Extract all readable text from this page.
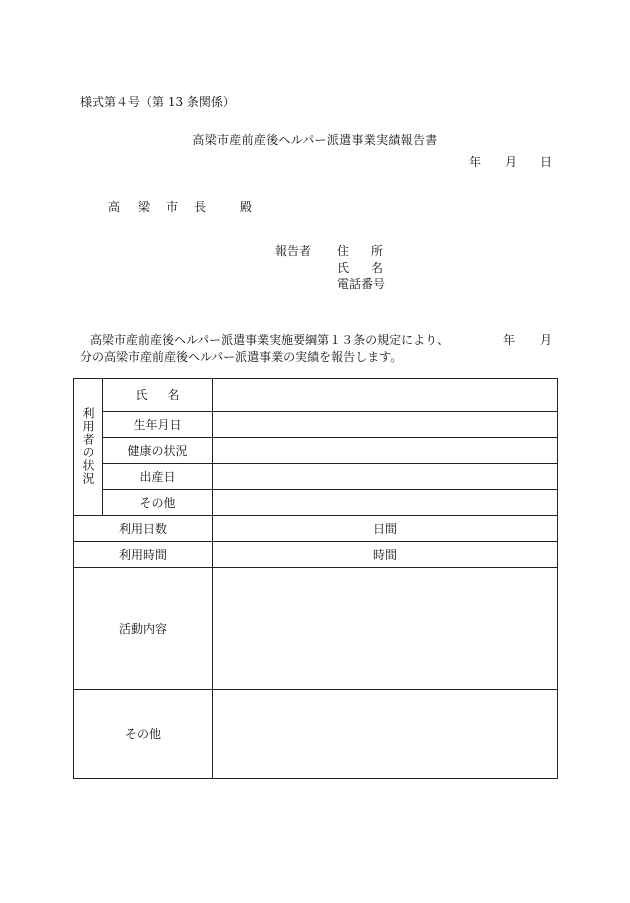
様式第４号（第 13 条関係）
高梁市産前産後ヘルパー派遣事業実績報告書
年 月 日
高 梁 市 長	殿
報告者 住 所
氏 名
電話番号
高梁市産前産後ヘルパー派遣事業実施要綱第１３条の規定により、	年 月
分の高梁市産前産後ヘルパー派遣事業の実績を報告します。
利用者の状況	氏 名	
	生年月日	
	健康の状況	
	出産日	
	その他	
利用日数		日間
利用時間		時間
活動内容		
その他		
